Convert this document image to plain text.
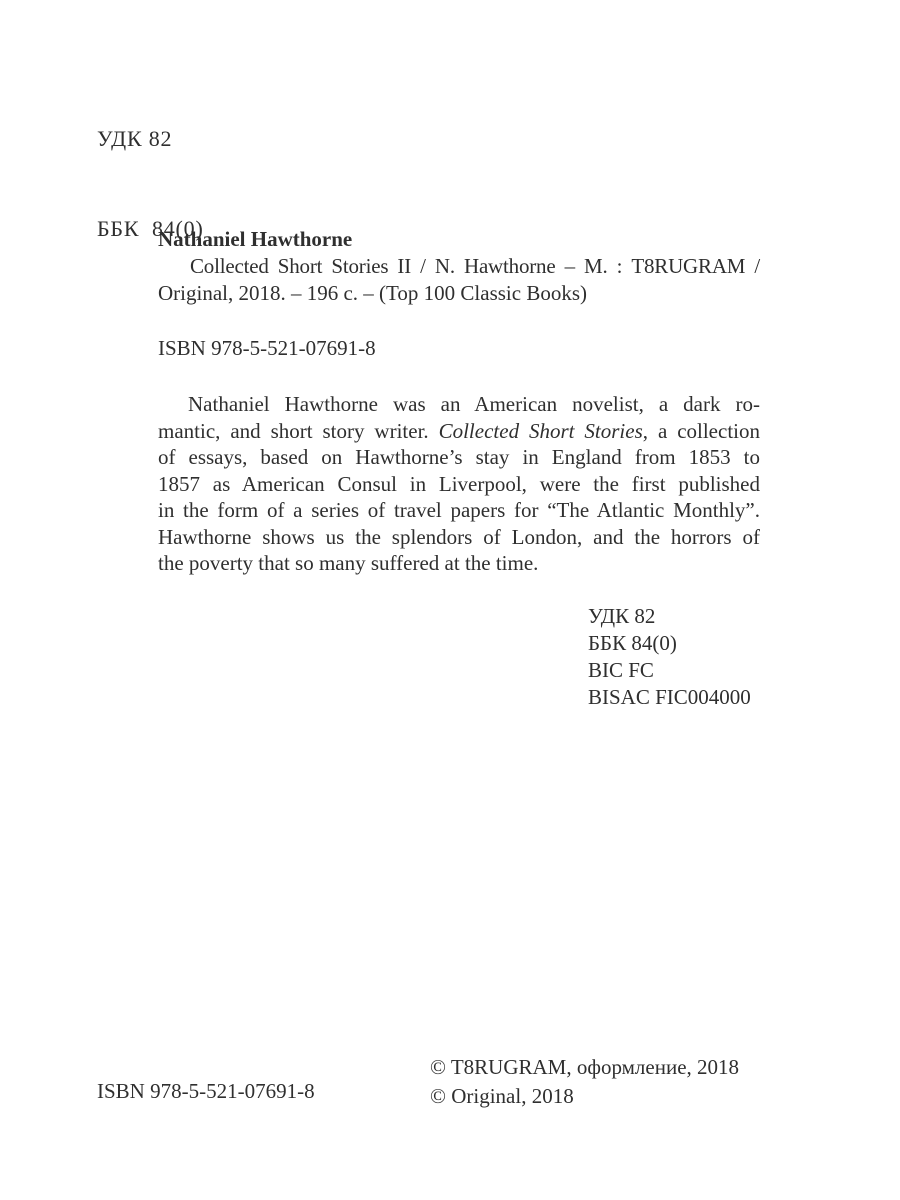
УДК 82

ББК  84(0)

Nathaniel Hawthorne
Collected Short Stories II / N. Hawthorne – М. : T8RUGRAM /
Original, 2018. – 196 с. – (Top 100 Classic Books)
ISBN 978-5-521-07691-8
Nathaniel Hawthorne was an American novelist, a dark ro-
mantic, and short story writer. Collected Short Stories, a collection
of essays, based on Hawthorne’s stay in England from 1853 to
1857 as American Consul in Liverpool, were the first published
in the form of a series of travel papers for “The Atlantic Monthly”.
Hawthorne shows us the splendors of London, and the horrors of
the poverty that so many suffered at the time.
УДК 82
ББК 84(0)
BIC FC
BISAC FIC004000
© T8RUGRAM, оформление, 2018
© Original, 2018
ISBN 978-5-521-07691-8
